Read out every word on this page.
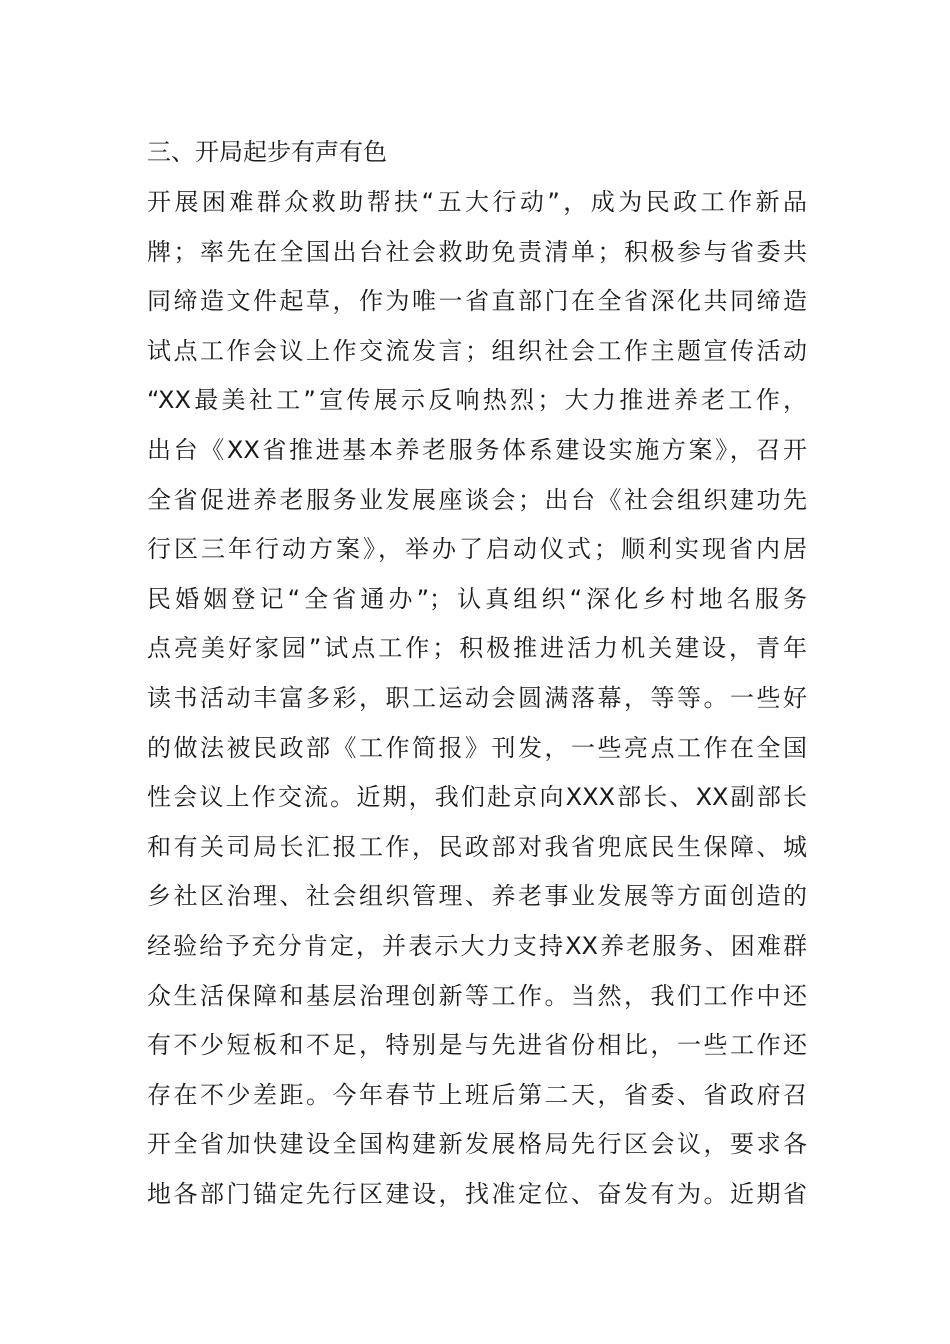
三、开局起步有声有色
开展困难群众救助帮扶“五大行动”，成为民政工作新品
牌；率先在全国出台社会救助免责清单；积极参与省委共
同缔造文件起草，作为唯一省直部门在全省深化共同缔造
试点工作会议上作交流发言；组织社会工作主题宣传活动
“XX最美社工”宣传展示反响热烈；大力推进养老工作，
出台《XX省推进基本养老服务体系建设实施方案》，召开
全省促进养老服务业发展座谈会；出台《社会组织建功先
行区三年行动方案》，举办了启动仪式；顺利实现省内居
民婚姻登记“全省通办”；认真组织“深化乡村地名服务
点亮美好家园”试点工作；积极推进活力机关建设，青年
读书活动丰富多彩，职工运动会圆满落幕，等等。一些好
的做法被民政部《工作简报》刊发，一些亮点工作在全国
性会议上作交流。近期，我们赴京向XXX部长、XX副部长
和有关司局长汇报工作，民政部对我省兜底民生保障、城
乡社区治理、社会组织管理、养老事业发展等方面创造的
经验给予充分肯定，并表示大力支持XX养老服务、困难群
众生活保障和基层治理创新等工作。当然，我们工作中还
有不少短板和不足，特别是与先进省份相比，一些工作还
存在不少差距。今年春节上班后第二天，省委、省政府召
开全省加快建设全国构建新发展格局先行区会议，要求各
地各部门锚定先行区建设，找准定位、奋发有为。近期省
